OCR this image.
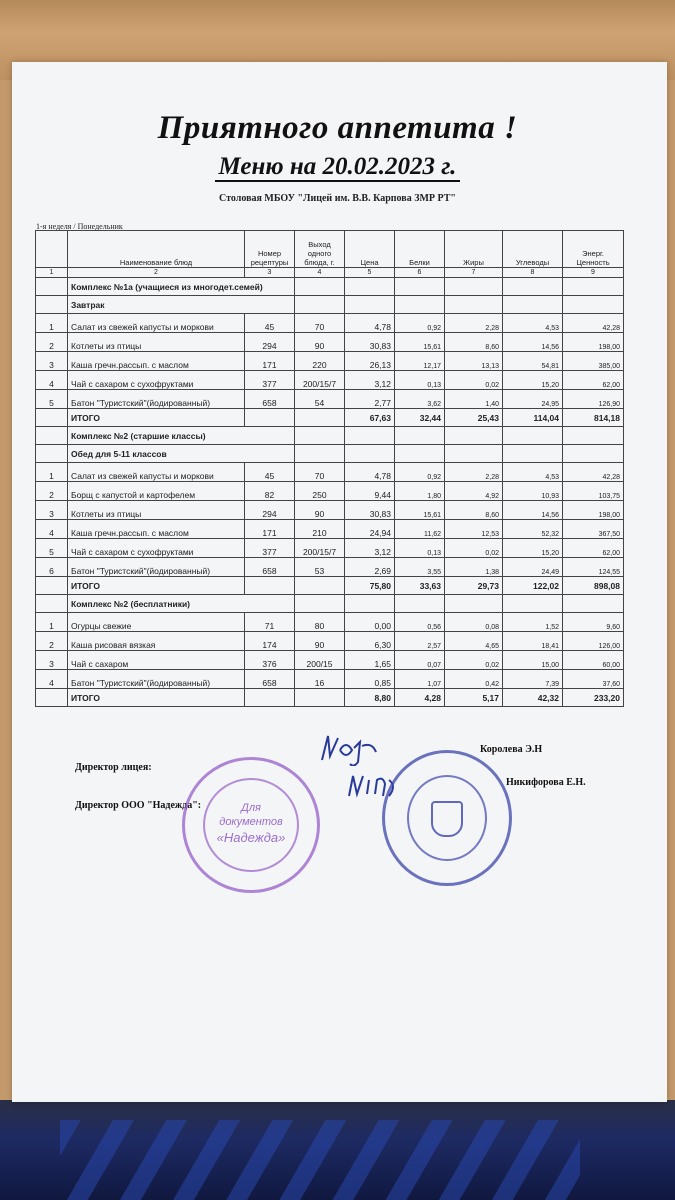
Приятного аппетита !
Меню на 20.02.2023 г.
Столовая МБОУ "Лицей им. В.В. Карпова ЗМР РТ"
1-я неделя / Понедельник
	Наименование блюд	Номер рецептуры	Выход одного блюда, г.	Цена	Белки	Жиры	Углеводы	Энерг. Ценность
1	2	3	4	5	6	7	8	9
	Комплекс №1а (учащиеся из многодет.семей)							
	Завтрак							
1	Салат из свежей капусты и моркови	45	70	4,78	0,92	2,28	4,53	42,28
2	Котлеты из птицы	294	90	30,83	15,61	8,60	14,56	198,00
3	Каша гречн.рассып. с маслом	171	220	26,13	12,17	13,13	54,81	385,00
4	Чай с сахаром с сухофруктами	377	200/15/7	3,12	0,13	0,02	15,20	62,00
5	Батон "Туристский"(йодированный)	658	54	2,77	3,62	1,40	24,95	126,90
	ИТОГО			67,63	32,44	25,43	114,04	814,18
	Комплекс №2 (старшие классы)							
	Обед для 5-11 классов							
1	Салат из свежей капусты и моркови	45	70	4,78	0,92	2,28	4,53	42,28
2	Борщ с капустой и картофелем	82	250	9,44	1,80	4,92	10,93	103,75
3	Котлеты из птицы	294	90	30,83	15,61	8,60	14,56	198,00
4	Каша гречн.рассып. с маслом	171	210	24,94	11,62	12,53	52,32	367,50
5	Чай с сахаром с сухофруктами	377	200/15/7	3,12	0,13	0,02	15,20	62,00
6	Батон "Туристский"(йодированный)	658	53	2,69	3,55	1,38	24,49	124,55
	ИТОГО			75,80	33,63	29,73	122,02	898,08
	Комплекс №2 (бесплатники)							
1	Огурцы свежие	71	80	0,00	0,56	0,08	1,52	9,60
2	Каша рисовая вязкая	174	90	6,30	2,57	4,65	18,41	126,00
3	Чай с сахаром	376	200/15	1,65	0,07	0,02	15,00	60,00
4	Батон "Туристский"(йодированный)	658	16	0,85	1,07	0,42	7,39	37,60
	ИТОГО			8,80	4,28	5,17	42,32	233,20
Директор лицея:
Королева Э.Н
Директор ООО "Надежда":
Никифорова Е.Н.
Для
документов
«Надежда»
